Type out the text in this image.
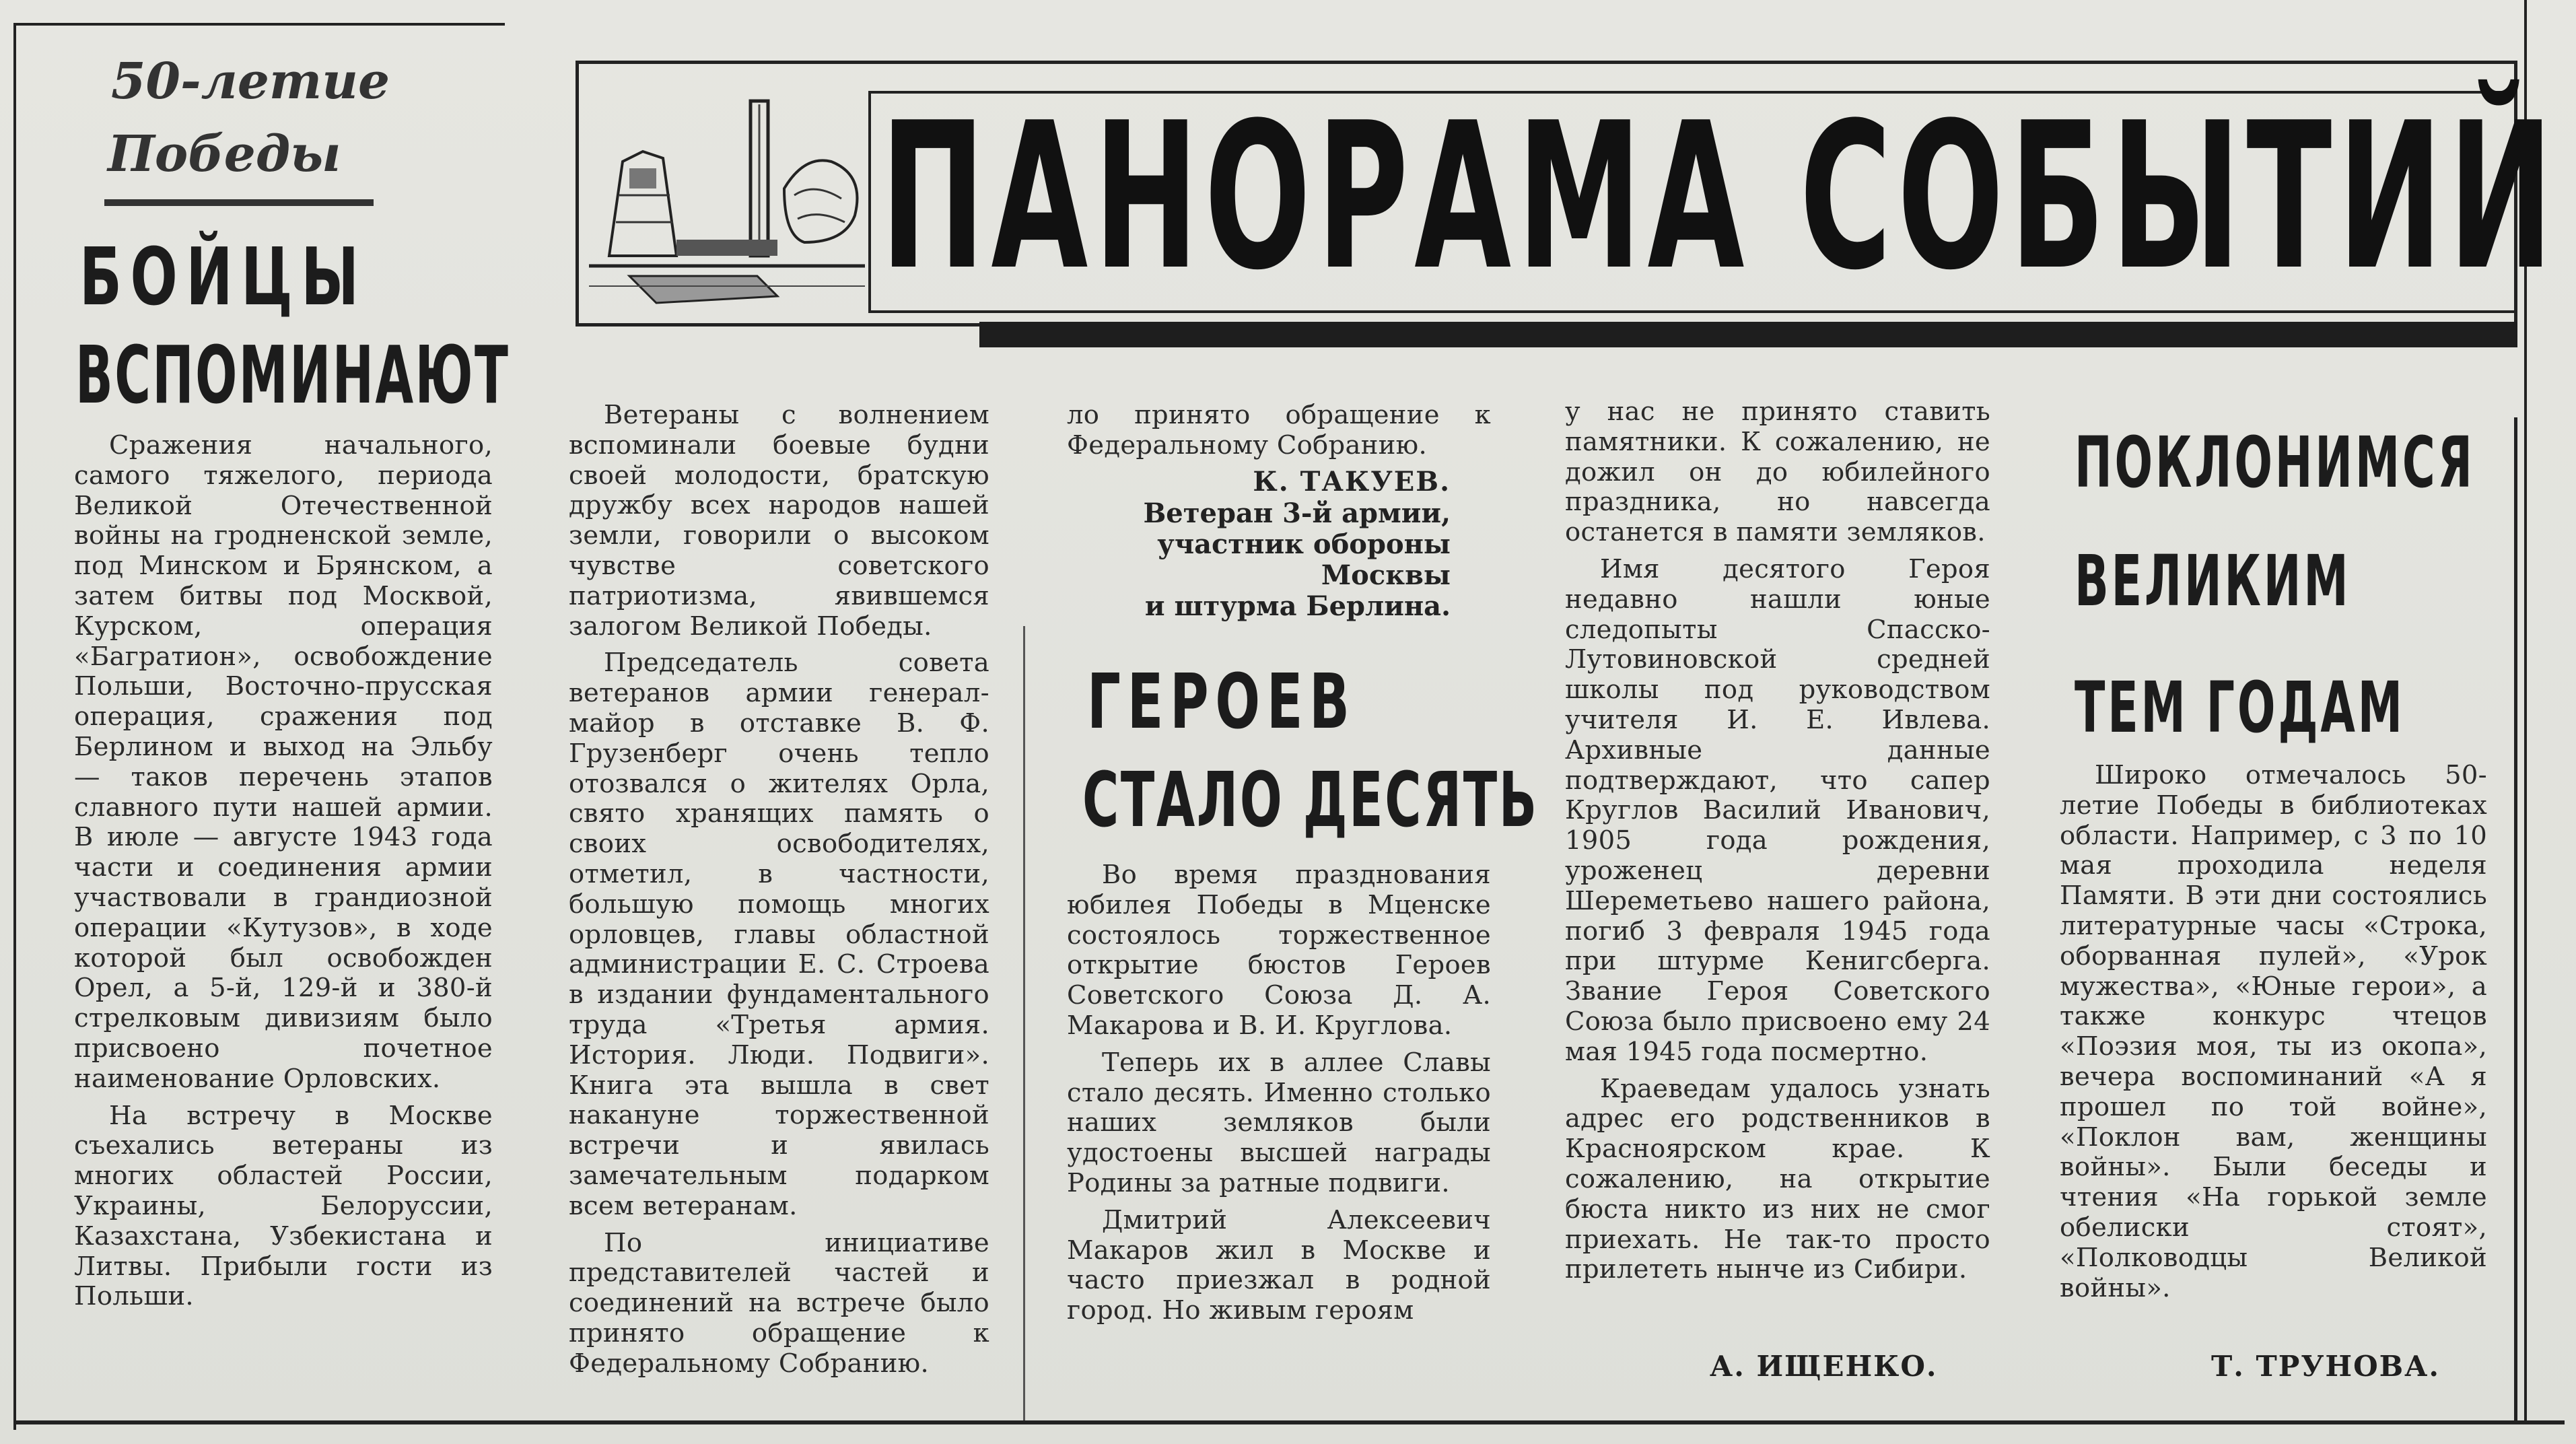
ПАНОРАМА СОБЫТИЙ
50-летие
Победы
БОЙЦЫ
ВСПОМИНАЮТ

Сражения начального, самого тяжелого, периода Великой Отечественной войны на гродненской земле, под Минском и Брянском, а затем битвы под Москвой, Курском, операция «Багратион», освобождение Польши, Восточно-прусская операция, сражения под Берлином и выход на Эльбу — таков перечень этапов славного пути нашей армии. В июле — августе 1943 года части и соединения армии участвовали в грандиозной операции «Кутузов», в ходе которой был освобожден Орел, а 5-й, 129-й и 380-й стрелковым дивизиям было присвоено почетное наименование Орловских.

На встречу в Москве съехались ветераны из многих областей России, Украины, Белоруссии, Казахстана, Узбекистана и Литвы. Прибыли гости из Польши.

Ветераны с волнением вспоминали боевые будни своей молодости, братскую дружбу всех народов нашей земли, говорили о высоком чувстве советского патриотизма, явившемся залогом Великой Победы.

Председатель совета ветеранов армии генерал-майор в отставке В. Ф. Грузенберг очень тепло отозвался о жителях Орла, свято хранящих память о своих освободителях, отметил, в частности, большую помощь многих орловцев, главы областной администрации Е. С. Строева в издании фундаментального труда «Третья армия. История. Люди. Подвиги». Книга эта вышла в свет накануне торжественной встречи и явилась замечательным подарком всем ветеранам.

По инициативе представителей частей и соединений на встрече было принято обращение к Федеральному Собранию.

ло принято обращение к Федеральному Собранию.

К. ТАКУЕВ.
Ветеран 3-й армии,
участник обороны
Москвы
и штурма Берлина.
ГЕРОЕВ
СТАЛО ДЕСЯТЬ

Во время празднования юбилея Победы в Мценске состоялось торжественное открытие бюстов Героев Советского Союза Д. А. Макарова и В. И. Круглова.

Теперь их в аллее Славы стало десять. Именно столько наших земляков были удостоены высшей награды Родины за ратные подвиги.

Дмитрий Алексеевич Макаров жил в Москве и часто приезжал в родной город. Но живым героям

у нас не принято ставить памятники. К сожалению, не дожил он до юбилейного праздника, но навсегда останется в памяти земляков.

Имя десятого Героя недавно нашли юные следопыты Спасско-Лутовиновской средней школы под руководством учителя И. Е. Ивлева. Архивные данные подтверждают, что сапер Круглов Василий Иванович, 1905 года рождения, уроженец деревни Шереметьево нашего района, погиб 3 февраля 1945 года при штурме Кенигсберга. Звание Героя Советского Союза было присвоено ему 24 мая 1945 года посмертно.

Краеведам удалось узнать адрес его родственников в Красноярском крае. К сожалению, на открытие бюста никто из них не смог приехать. Не так-то просто прилететь нынче из Сибири.

А. ИЩЕНКО.
ПОКЛОНИМСЯ
ВЕЛИКИМ
ТЕМ ГОДАМ

Широко отмечалось 50-летие Победы в библиотеках области. Например, с 3 по 10 мая проходила неделя Памяти. В эти дни состоялись литературные часы «Строка, оборванная пулей», «Урок мужества», «Юные герои», а также конкурс чтецов «Поэзия моя, ты из окопа», вечера воспоминаний «А я прошел по той войне», «Поклон вам, женщины войны». Были беседы и чтения «На горькой земле обелиски стоят», «Полководцы Великой войны».

Т. ТРУНОВА.
